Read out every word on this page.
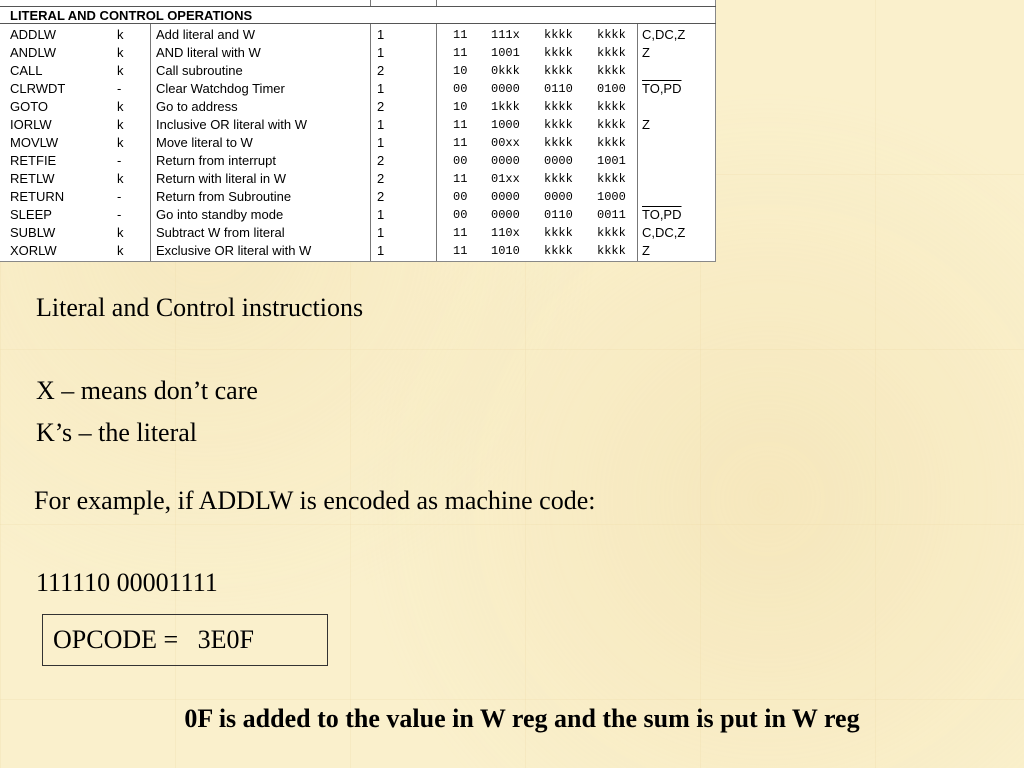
LITERAL AND CONTROL OPERATIONS
ADDLW	k	Add literal and W	1	11 111x kkkk kkkk C,DC,Z
ANDLW	k	AND literal with W	1	11 1001 kkkk kkkk Z
CALL	k	Call subroutine	2	10 0kkk kkkk kkkk
CLRWDT	-	Clear Watchdog Timer	1	00 0000 0110 0100 TO,PD
GOTO	k	Go to address	2	10 1kkk kkkk kkkk
IORLW	k	Inclusive OR literal with W	1	11 1000 kkkk kkkk Z
MOVLW	k	Move literal to W	1	11 00xx kkkk kkkk
RETFIE	-	Return from interrupt	2	00 0000 0000 1001
RETLW	k	Return with literal in W	2	11 01xx kkkk kkkk
RETURN	-	Return from Subroutine	2	00 0000 0000 1000
SLEEP	-	Go into standby mode	1	00 0000 0110 0011 TO,PD
SUBLW	k	Subtract W from literal	1	11 110x kkkk kkkk C,DC,Z
XORLW	k	Exclusive OR literal with W	1	11 1010 kkkk kkkk Z
Literal and Control instructions
X – means don’t care
K’s – the literal
For example, if ADDLW is encoded as machine code:
111110 00001111
OPCODE =   3E0F
0F is added to the value in W reg and the sum is put in W reg
